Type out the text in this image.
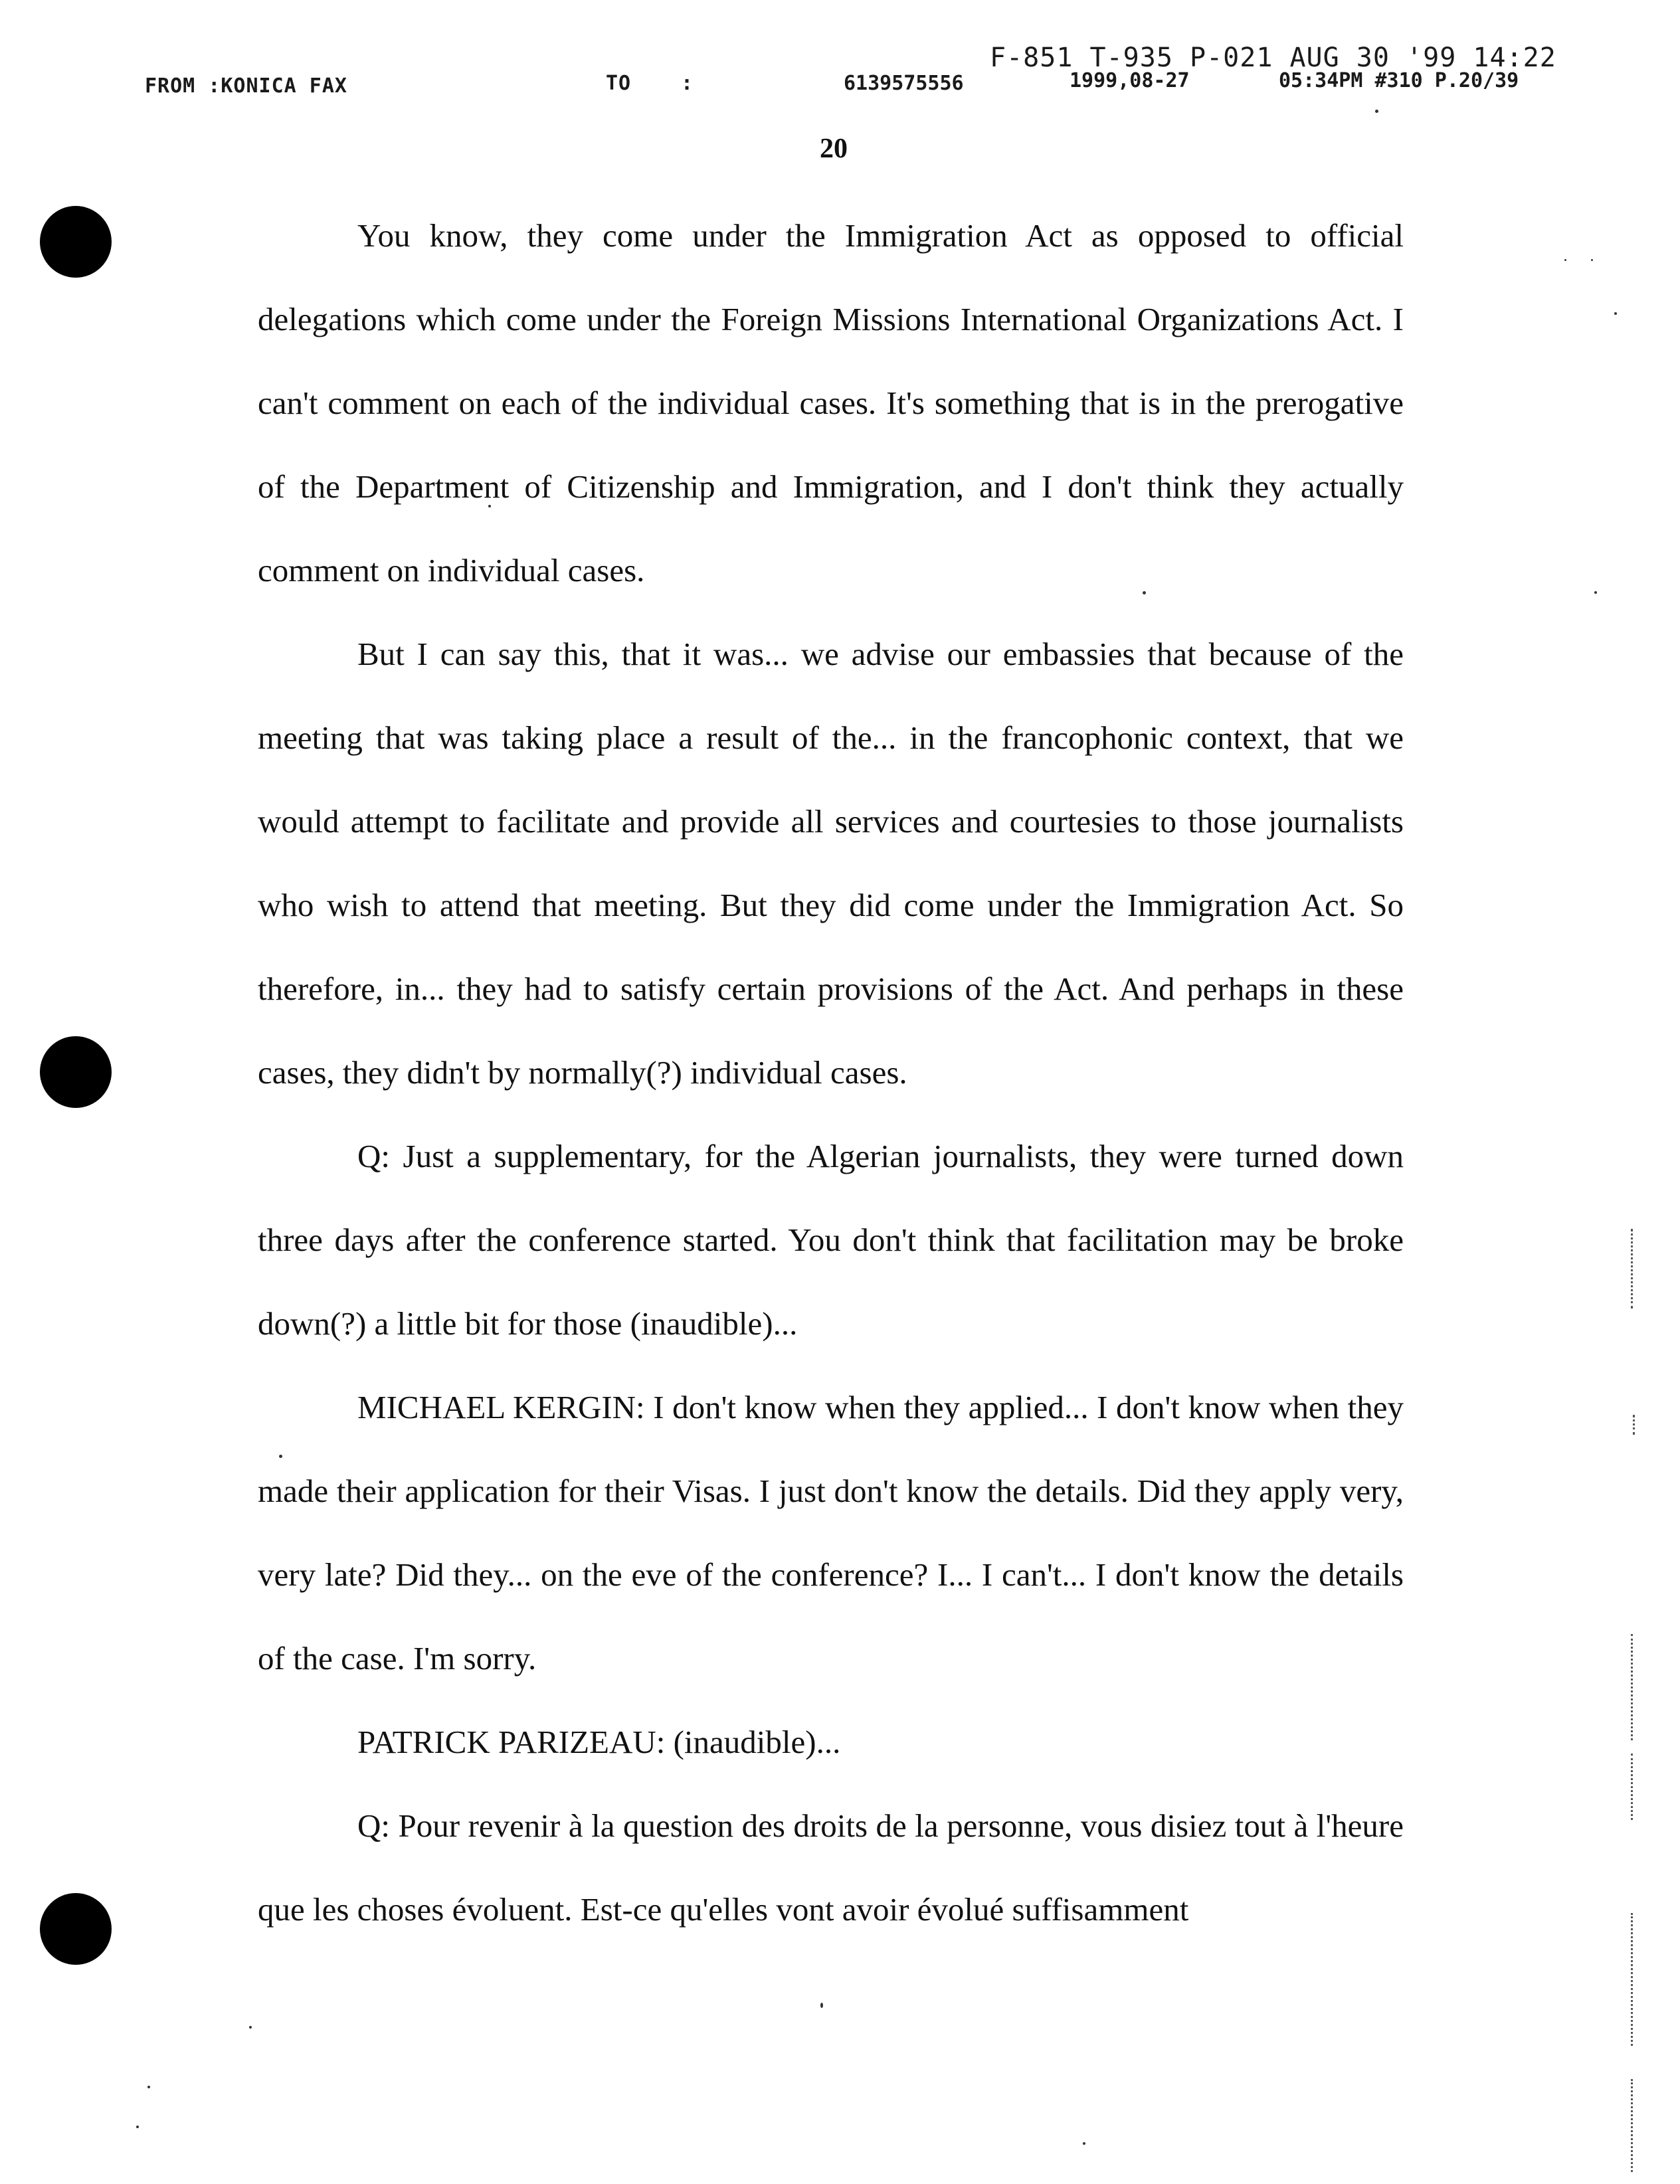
F-851 T-935 P-021 AUG 30 '99 14:22
FROM :KONICA FAX	TO :	6139575556	1999,08-27	05:34PM #310 P.20/39
20

You know, they come under the Immigration Act as opposed to official delegations which come under the Foreign Missions International Organizations Act. I can't comment on each of the individual cases. It's something that is in the prerogative of the Department of Citizenship and Immigration, and I don't think they actually comment on individual cases.

But I can say this, that it was... we advise our embassies that because of the meeting that was taking place a result of the... in the francophonic context, that we would attempt to facilitate and provide all services and courtesies to those journalists who wish to attend that meeting. But they did come under the Immigration Act. So therefore, in... they had to satisfy certain provisions of the Act. And perhaps in these cases, they didn't by normally(?) individual cases.

Q: Just a supplementary, for the Algerian journalists, they were turned down three days after the conference started. You don't think that facilitation may be broke down(?) a little bit for those (inaudible)...

MICHAEL KERGIN: I don't know when they applied... I don't know when they made their application for their Visas. I just don't know the details. Did they apply very, very late? Did they... on the eve of the conference? I... I can't... I don't know the details of the case. I'm sorry.

PATRICK PARIZEAU: (inaudible)...

Q: Pour revenir à la question des droits de la personne, vous disiez tout à l'heure que les choses évoluent. Est-ce qu'elles vont avoir évolué suffisamment
